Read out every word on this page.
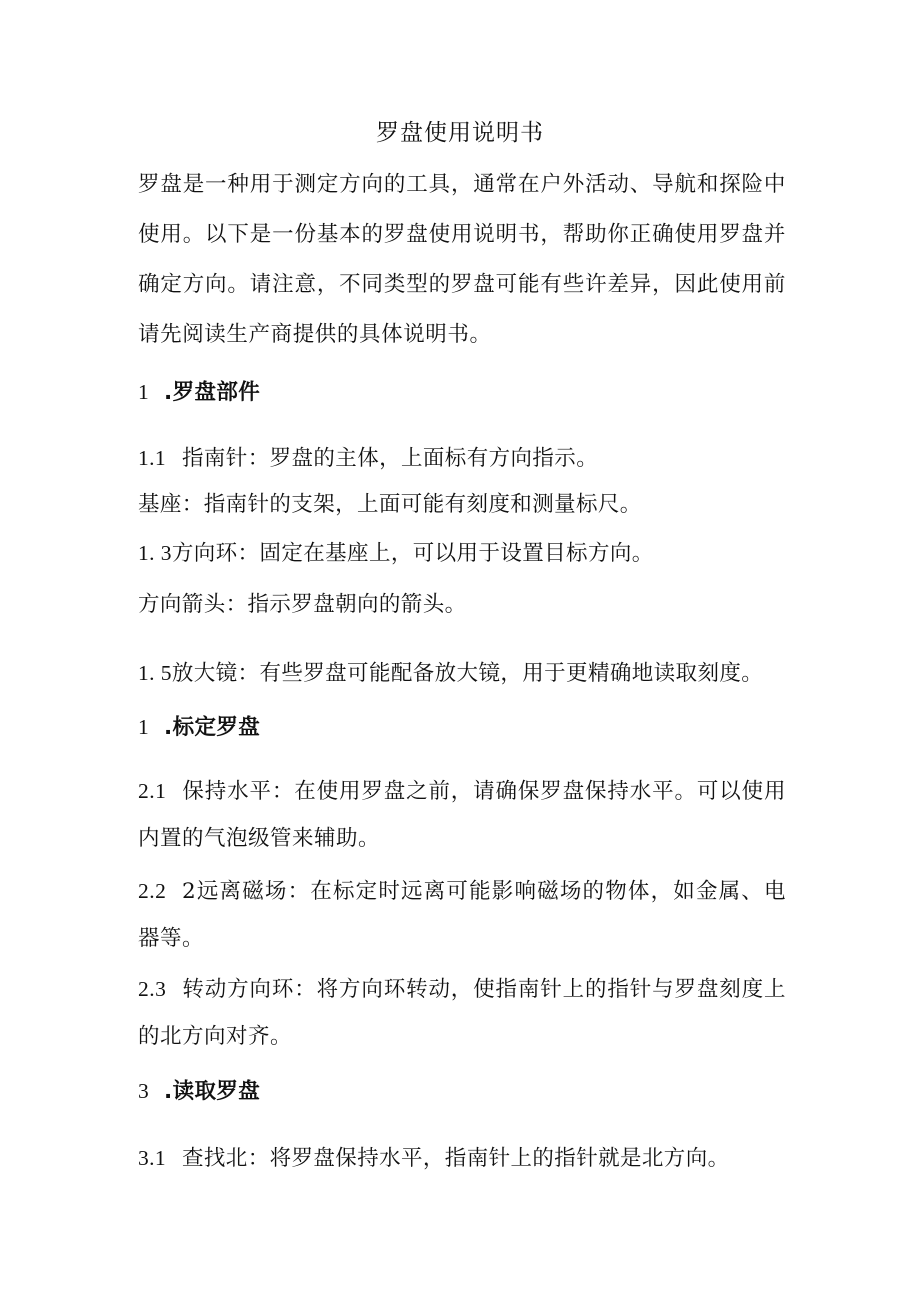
罗盘使用说明书

罗盘是一种用于测定方向的工具，通常在户外活动、导航和探险中使用。以下是一份基本的罗盘使用说明书，帮助你正确使用罗盘并确定方向。请注意，不同类型的罗盘可能有些许差异，因此使用前请先阅读生产商提供的具体说明书。

1 .罗盘部件
1.1 指南针：罗盘的主体，上面标有方向指示。
基座：指南针的支架，上面可能有刻度和测量标尺。
1. 3方向环：固定在基座上，可以用于设置目标方向。
方向箭头：指示罗盘朝向的箭头。
1. 5放大镜：有些罗盘可能配备放大镜，用于更精确地读取刻度。
1 .标定罗盘

2.1 保持水平：在使用罗盘之前，请确保罗盘保持水平。可以使用内置的气泡级管来辅助。

2.2 2远离磁场：在标定时远离可能影响磁场的物体，如金属、电器等。

2.3 转动方向环：将方向环转动，使指南针上的指针与罗盘刻度上的北方向对齐。

3 .读取罗盘
3.1 查找北：将罗盘保持水平，指南针上的指针就是北方向。
